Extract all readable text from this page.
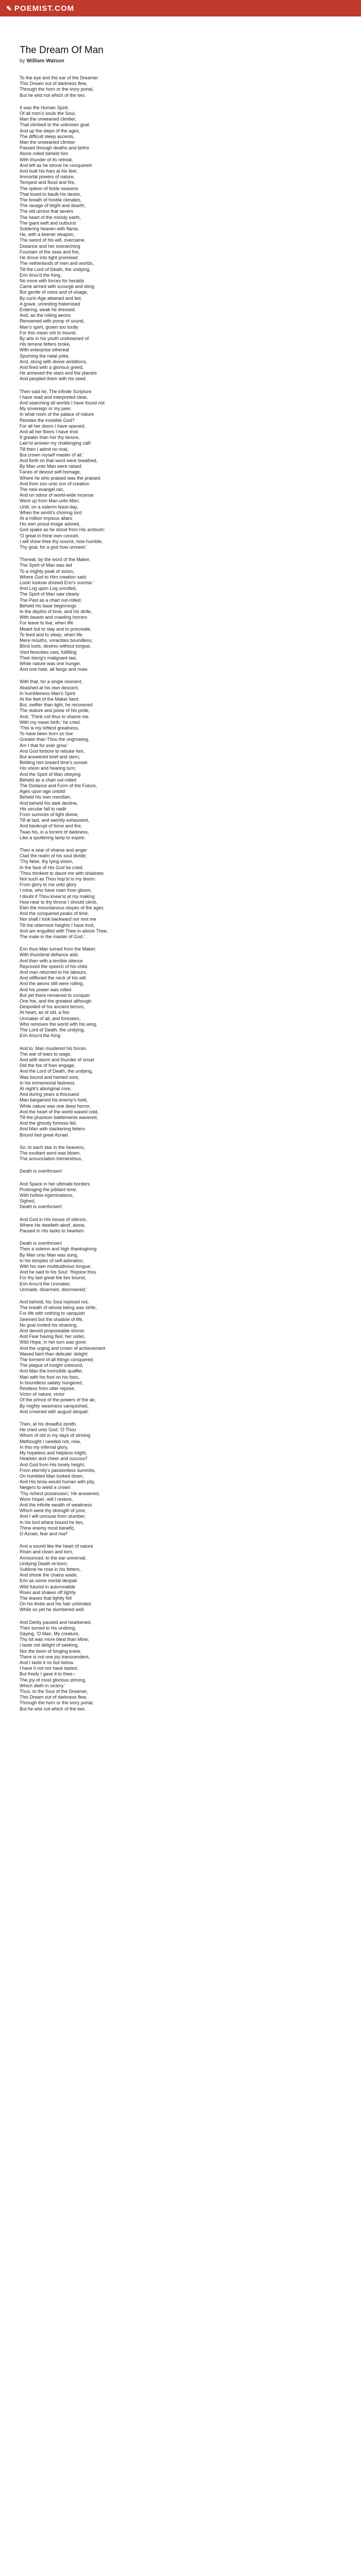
✎ POEMIST.COM
The Dream Of Man

by William Watson

To the eye and the ear of the Dreamer
This Dream out of darkness flew,
Through the horn or the ivory portal,
But he wist not which of the two.
It was the Human Spirit,
Of all men's souls the Soul,
Man the unwearied climber,
That climbed to the unknown goal.
And up the steps of the ages,
The difficult steep ascents,
Man the unwearied climber
Passed through deaths and births
Alone rolled beheld him
With thunder of its retreat,
And left as he strove he conquered
And built his foes at his feet.
Immortal powers of nature,
Tempest and flood and fire,
The spleen of fickle seasons
That loved to baulk his desire,
The breath of hostile climates,
The ravage of blight and dearth,
The old unrest that severs
The heart of the moody earth,
The giant weft and outburst
Soldering heaven with flame,
He, with a keener weapon,
The sword of his will, overcame.
Distance and her overarching
Fountain of the seas and fire,
He drove into tight promised
The netherlands of men and worlds,
Till the Lord of Death, the undying,
Erin Arsu'd the King,
No more with forces for heralds
Came armed with scourge and sting;
But gentle of voice and of visage,
By curin-Age attained and led,
A grave, unresting fraternised
Entering, weak he dressed.
And, as the rolling aeons
Renowned with pomp of sound,
Man's spirit, grown too lordly
For this mean orb to bound,
By arts in his youth undreamed of
His terrene fetters broke,
With enterprise ethereal
Spurning the natal yoke,
And, stung with divine ambitions,
And fired with a glorious greed,
He annexed the stars and the planets
And peopled them with his seed.
Then said he, The infinite Scripture
I have read and interpreted clear,
And searching all worlds I have found not
My sovereign or my peer.
In what room of the palace of nature
Resides the invisible God?
For all her doors I have opened,
And all her floors I have trod.
If greater than her thy tenure,
Lain'st answer my challenging call!
Till then I admit no rival,
But crown myself master of all.'
And forth on that word were breathed,
By Man unto Man were raised
Fanes of devout self-homage,
Where he who praised was the praised;
And from zon unto zon of creation
The new evangel ran,
And on odour of world-wide incense
Went up from Man unto Man;
Until, on a solemn feast-day,
When the world's choiring lord
At a million impious altars
His own proud image adored,
God spake as he stood from His ambush:
'O great in thine own conceit,
I will show thee thy source, how humble,
Thy goal, for a god how unmeet.'
Thereat, by the word of the Maker,
The Spirit of Man was led
To a mighty peak of vision,
Where God to Him creation said:
Look! lookow shrewd Erin's sunrise.'
And Log upon Log unrolled,
The Spirit of Man saw clearly
The Past as a chart out-rolled;
Beheld his base beginnings
In the depths of time, and his strife,
With beasts and crawling horrors
For leave to live, when life
Meant but to slay and to procreate,
To feed and to sleep, when life
Mere mouths, voracities boundless,
Blind lusts, desires without tongue,
Vied ferocities vast, fulfilling
Their being's malignant law,
While nature was one hunger,
And one hate, all fangs and maw.
With that, for a single moment,
Abashed at his own descent,
In humbleness Man's Spirit
At the feet of the Maker bent.
But, swifter than light, he recovered
The stature and poise of his pride,
And, 'Think not thus to shame me
With my mean birth,' he cried.
'This is my loftiest greatness,
To have been born so low:
Greater than Thou the ungrowing,
Am I that for ever grow.'
And God forbore to rebuke him,
But answered brief and stern,
Bidding him toward time's sunset
His vision and hearing turn;
And the Spirit of Man obeying
Beheld as a chart out-rolled
The Distance and Form of the Future,
Ages upon age untold:
Beheld his own meridian,
And beheld his dark decline,
His secular fall to nadir
From summits of light divine,
Till at last, and weirdly exhausted,
And bankrupt of force and fire,
Twas his, in a torrent of darkness,
Like a sputtering lamp to expire.
Then a sear of shame and anger
Clad the realm of his soul divide;
'Thy false, thy lying vision,
In the face of His God he cried.
'Thou thinkest to daunt me with shadows:
Not such as Thou hop'st is my doom:
From glory to me unto glory
I mine, who have risen from gloom,
I doubt if Thou knew'st at my making
How near to thy throne I should climb,
Elen the mountainous slopes of the ages
And the conquered peaks of time.
Nor shall I look backward nor rest me
Till the uttermost heights I have trod,
And am engulfed with Thee in above Thee,
The mate in the master of God.'
Erin thus Man turned from the Maker;
With thunderal defiance add,
And then with a terrible silence
Reproved the speech of his child.
And man returned to his labours,
And stiffened the neck of his will;
And the aeons still were rolling,
And his power was rolled
But yet there remained to conquer
One foe, and the greatest although
Despoiled of his ancient terrors,
At heart, as of old, a foe:
Unmaker of all, and foreseen,
Who removes the world with his wing,
The Lord of Death, the undying,
Erin Arsu'd the King.
And lo, Man mustered his forces
The war of wars to wage,
And with storm and thunder of onset
Did the foe of foes engage,
And the Lord of Death, the undying,
Was bound and harried sore,
In his immemorial fastness
At night's aboriginal core,
And during years a thousand
Man bargained his enemy's hold,
While nature was one deep horror,
And the heart of the world waxed cold,
Till the phantom battlements wavered,
And the ghostly fortress fell,
And Man with slackening fetters
Bound fast great Azrael.
So, to each star in the heavens,
The exultant word was blown,
The annunciation tremendous,
Death is overthrown!
And Space in her ultimate borders
Prolonging the jubilant tone,
With hollow irgeminations,
Sighed,
Death is overthrown!
And God in His house of silence,
Where He dwelleth aloof, alone,
Paused in His tasks to hearken:
Death is overthrown!
Then a solemn and high thanksgiving
By Man unto Man was sung,
In his temples of self-adoration,
With his own multitudinous tongue;
And he said to his Soul: 'Rejoice thou
For thy last great foe lies bound,
Erin Arsu'd the Unmaker,
Unmade, disarmed, discrowned.'
And behold, his Soul rejoiced not,
The breath of whose being was strife,
For life with nothing to vanquish
Seemed but the shadow of life.
No goal invited his straining,
And devoid proposeable shone;
And Fear having fled, her sister,
Wild Hope, in her turn was gone;
And the urging and crown of achievement
Waxed faint than delicate' delight
The torment of all things conquered,
The plague of insight unbound,
And Man the invincible quaffer,
Man with his foot on his foes,
In boundless satiety hungered,
Restless from utter repose,
Victor of nature, victor
Of the prince of the powers of the air,
By mighty weariness vanquished,
And crowned with august despair.
Then, at his dreadful zenith,
He cried unto God: 'O Thou
Whom of old in my days of striving
Methought I needed not, now,
In this my infernal glory,
My hopeless and helpless might,
Hearken and cheer and succour!'
And God from His lonely height,
From eternity's passionless summits,
On humbled Man looked down,
And His brow would human with pity,
Neigers to wield a crown:
'Thy richest possession,' He answered,
Wore Hope!, will I restore,
And the infinite wealth of weakness
Which were thy strength of yore;
And I will unrouse from slumber,
In his lord where bound he lies,
Thine enemy most benefic,
O Azrael, fear and rise!'
And a sound like the heart of nature
Risen and clown and torn,
Announced, to the ear universal,
Undying Death re-born;
Sublime he rose in his fetters,
And shook the chains aside,
Erin as some mortal despair
Wild futurist in autumnalide
Rises and shakes off lightly
The leaves that lightly fell
On his limbs and his hair unhinded
While so yet he slumbered well.
And Derby paused and hearkened,
Then turned to his undoing,
Saying, 'O Man, My creature,
Thy lot was more blest than Mine;
I taste not delight of seeking,
Nor the boon of longing knew,
There is not one joy transcendent,
And I taste it no but below.
I have it not nor have tasted,
But freely I gave it to thee--
The joy of most glorious striving,
Which dieth in victory.'
Thus, to the Soul of the Dreamer,
This Dream out of darkness flew,
Through the horn or the ivory portal,
But he wist not which of the two.
